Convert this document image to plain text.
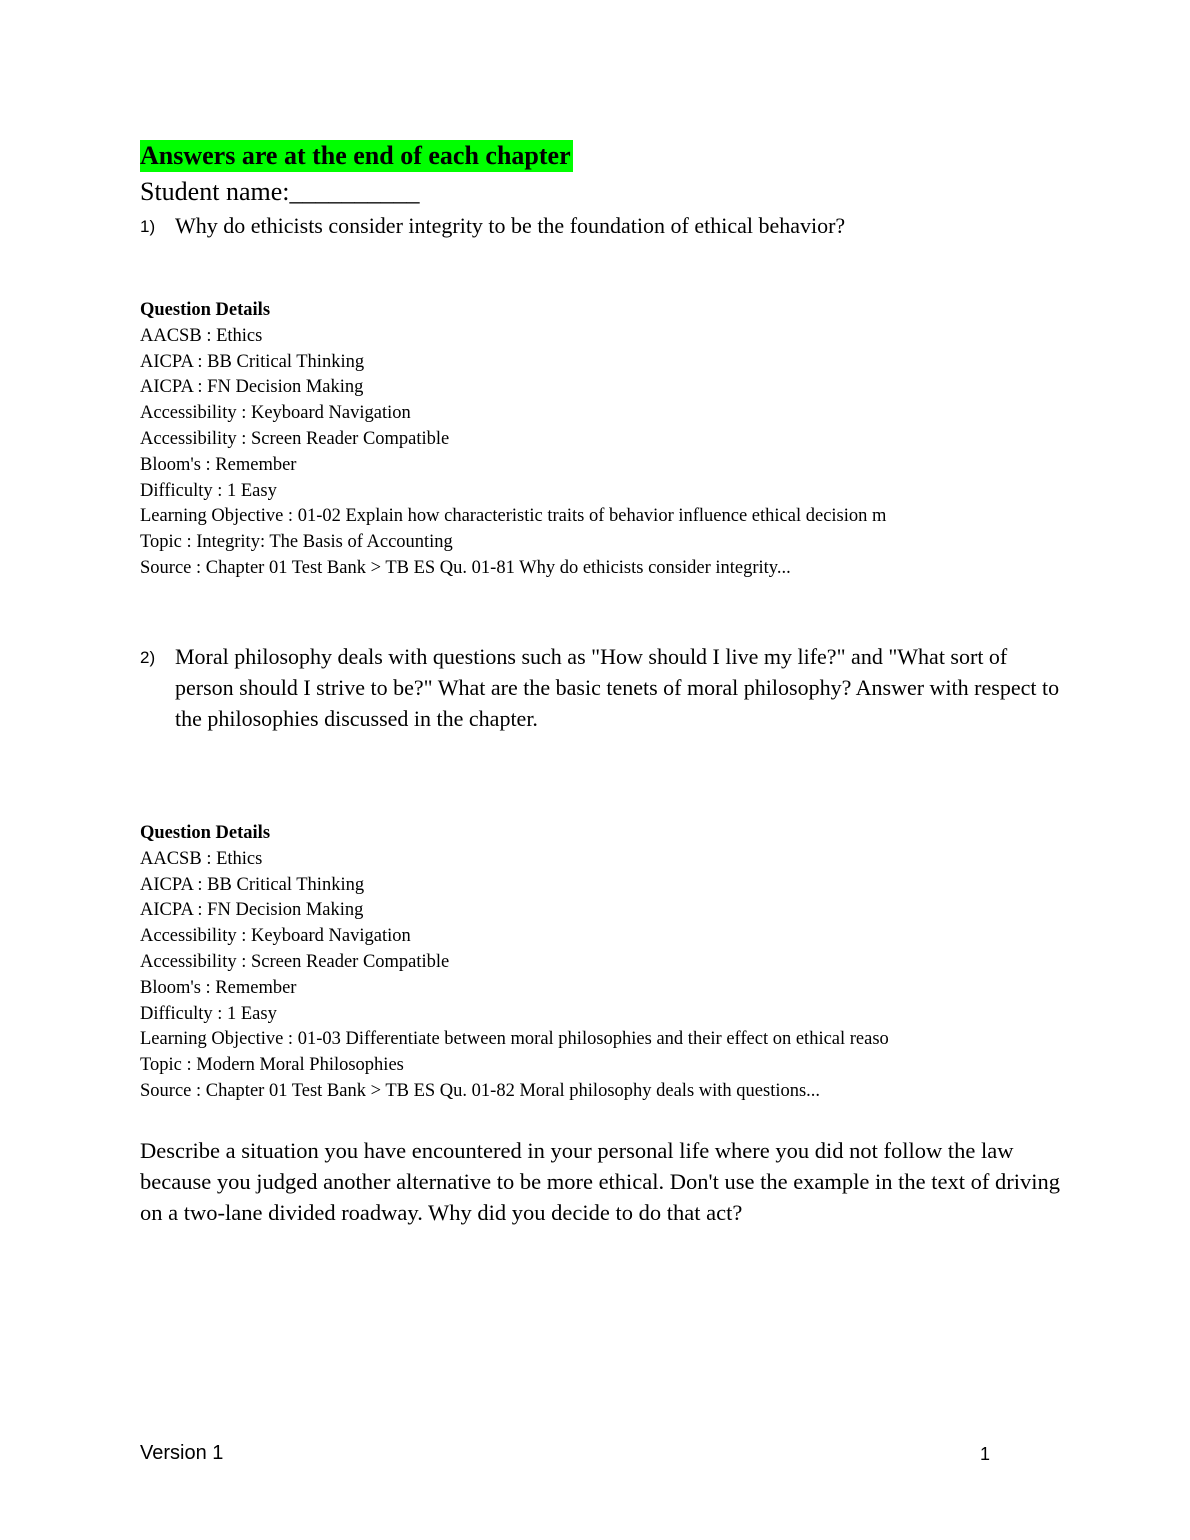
Answers are at the end of each chapter
Student name:__________
1) Why do ethicists consider integrity to be the foundation of ethical behavior?
Question Details
AACSB : Ethics
AICPA : BB Critical Thinking
AICPA : FN Decision Making
Accessibility : Keyboard Navigation
Accessibility : Screen Reader Compatible
Bloom's : Remember
Difficulty : 1 Easy
Learning Objective : 01-02 Explain how characteristic traits of behavior influence ethical decision m
Topic : Integrity: The Basis of Accounting
Source : Chapter 01 Test Bank > TB ES Qu. 01-81 Why do ethicists consider integrity...
2) Moral philosophy deals with questions such as "How should I live my life?" and "What sort of person should I strive to be?" What are the basic tenets of moral philosophy? Answer with respect to the philosophies discussed in the chapter.
Question Details
AACSB : Ethics
AICPA : BB Critical Thinking
AICPA : FN Decision Making
Accessibility : Keyboard Navigation
Accessibility : Screen Reader Compatible
Bloom's : Remember
Difficulty : 1 Easy
Learning Objective : 01-03 Differentiate between moral philosophies and their effect on ethical reaso
Topic : Modern Moral Philosophies
Source : Chapter 01 Test Bank > TB ES Qu. 01-82 Moral philosophy deals with questions...
Describe a situation you have encountered in your personal life where you did not follow the law because you judged another alternative to be more ethical. Don't use the example in the text of driving on a two-lane divided roadway. Why did you decide to do that act?
Version 1	1
